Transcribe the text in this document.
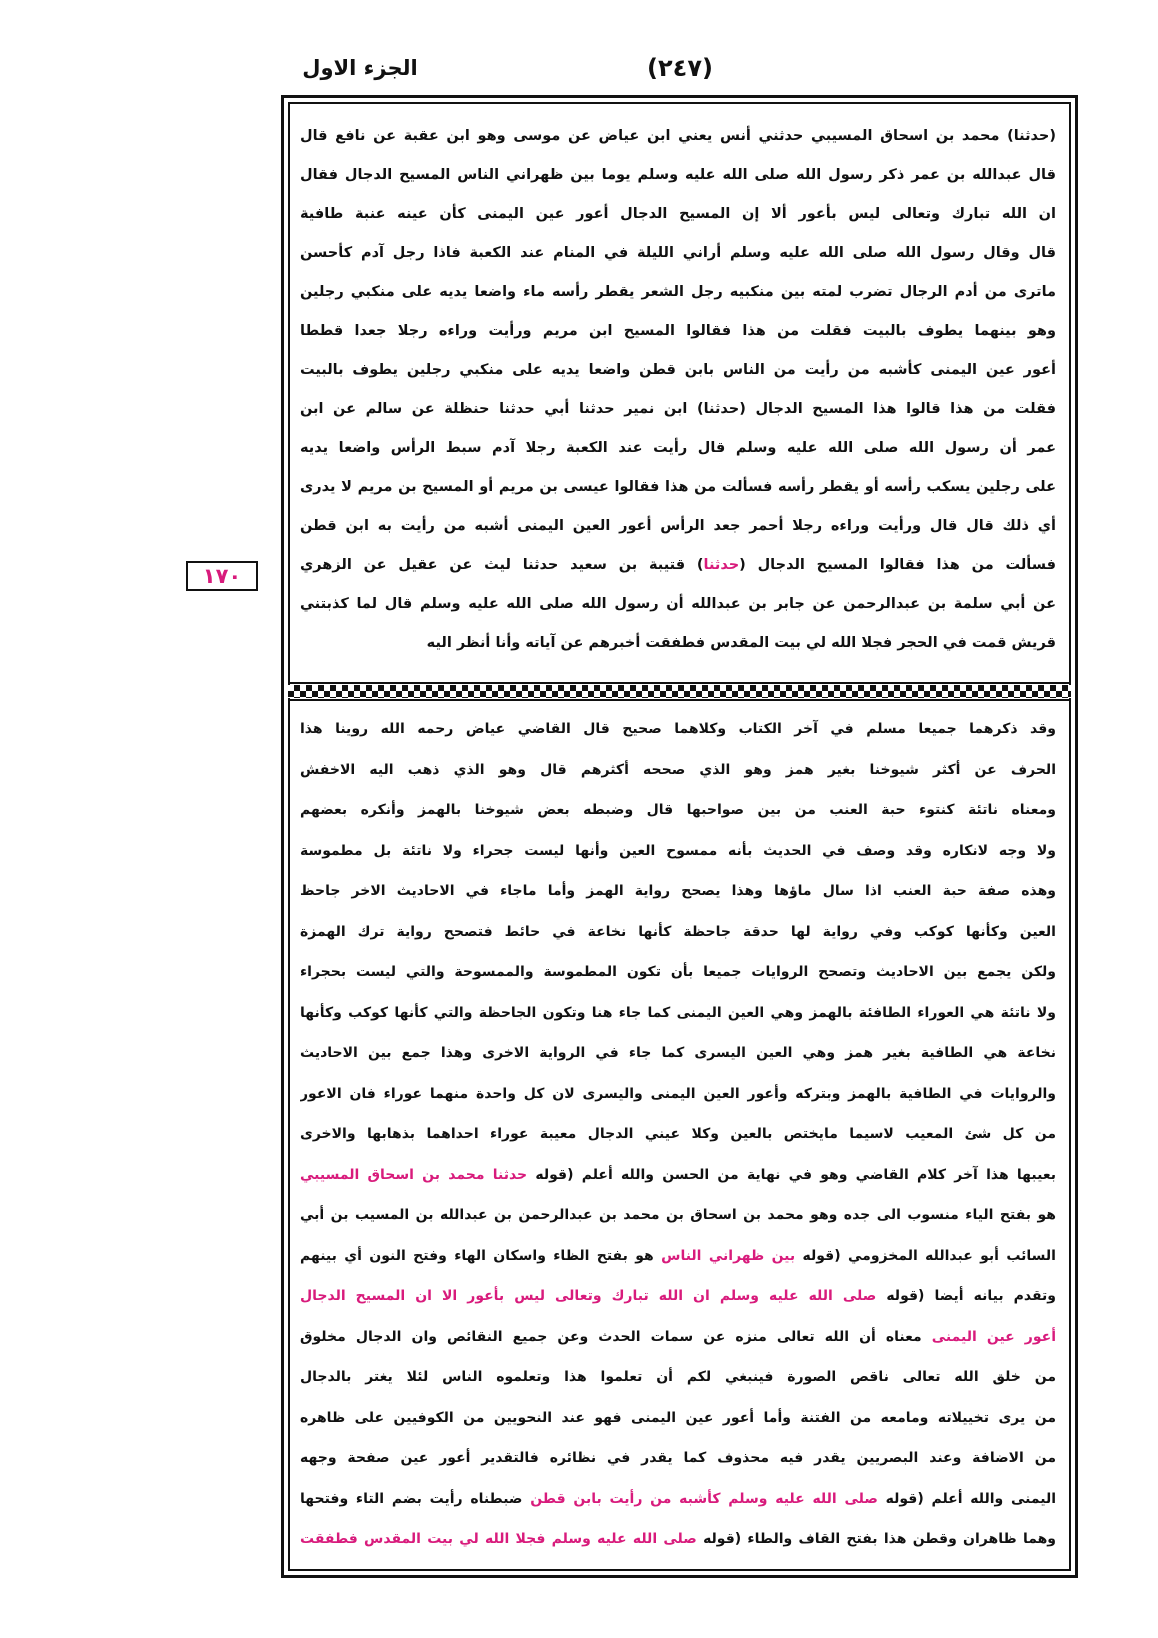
الجزء الاول	(٢٤٧)
١٧٠
(حدثنا) محمد بن اسحاق المسيبي حدثني أنس يعني ابن عياض عن موسى وهو ابن عقبة عن نافع قال
قال عبدالله بن عمر ذكر رسول الله صلى الله عليه وسلم يوما بين ظهراني الناس المسيح الدجال فقال
ان الله تبارك وتعالى ليس بأعور ألا إن المسيح الدجال أعور عين اليمنى كأن عينه عنبة طافية
قال وقال رسول الله صلى الله عليه وسلم أراني الليلة في المنام عند الكعبة فاذا رجل آدم كأحسن
ماترى من أدم الرجال تضرب لمته بين منكبيه رجل الشعر يقطر رأسه ماء واضعا يديه على منكبي رجلين
وهو بينهما يطوف بالبيت فقلت من هذا فقالوا المسيح ابن مريم ورأيت وراءه رجلا جعدا قططا
أعور عين اليمنى كأشبه من رأيت من الناس بابن قطن واضعا يديه على منكبي رجلين يطوف بالبيت
فقلت من هذا قالوا هذا المسيح الدجال (حدثنا) ابن نمير حدثنا أبي حدثنا حنظلة عن سالم عن ابن
عمر أن رسول الله صلى الله عليه وسلم قال رأيت عند الكعبة رجلا آدم سبط الرأس واضعا يديه
على رجلين يسكب رأسه أو يقطر رأسه فسألت من هذا فقالوا عيسى بن مريم أو المسيح بن مريم لا يدرى
أي ذلك قال قال ورأيت وراءه رجلا أحمر جعد الرأس أعور العين اليمنى أشبه من رأيت به ابن قطن
فسألت من هذا فقالوا المسيح الدجال (حدثنا) قتيبة بن سعيد حدثنا ليث عن عقيل عن الزهري
عن أبي سلمة بن عبدالرحمن عن جابر بن عبدالله أن رسول الله صلى الله عليه وسلم قال لما كذبتني
قريش قمت في الحجر فجلا الله لي بيت المقدس فطفقت أخبرهم عن آياته وأنا أنظر اليه
وقد ذكرهما جميعا مسلم في آخر الكتاب وكلاهما صحيح قال القاضي عياض رحمه الله روينا هذا
الحرف عن أكثر شيوخنا بغير همز وهو الذي صححه أكثرهم قال وهو الذي ذهب اليه الاخفش
ومعناه ناتئة كنتوء حبة العنب من بين صواحبها قال وضبطه بعض شيوخنا بالهمز وأنكره بعضهم
ولا وجه لانكاره وقد وصف في الحديث بأنه ممسوح العين وأنها ليست جحراء ولا ناتئة بل مطموسة
وهذه صفة حبة العنب اذا سال ماؤها وهذا يصحح رواية الهمز وأما ماجاء في الاحاديث الاخر جاحظ
العين وكأنها كوكب وفي رواية لها حدقة جاحظة كأنها نخاعة في حائط فتصحح رواية ترك الهمزة
ولكن يجمع بين الاحاديث وتصحح الروايات جميعا بأن تكون المطموسة والممسوحة والتي ليست بحجراء
ولا ناتئة هي العوراء الطافئة بالهمز وهي العين اليمنى كما جاء هنا وتكون الجاحظة والتي كأنها كوكب وكأنها
نخاعة هي الطافية بغير همز وهي العين اليسرى كما جاء في الرواية الاخرى وهذا جمع بين الاحاديث
والروايات في الطافية بالهمز وبتركه وأعور العين اليمنى واليسرى لان كل واحدة منهما عوراء فان الاعور
من كل شئ المعيب لاسيما مايختص بالعين وكلا عيني الدجال معيبة عوراء احداهما بذهابها والاخرى
بعيبها هذا آخر كلام القاضي وهو في نهاية من الحسن والله أعلم (قوله حدثنا محمد بن اسحاق المسيبي
هو بفتح الياء منسوب الى جده وهو محمد بن اسحاق بن محمد بن عبدالرحمن بن عبدالله بن المسيب بن أبي
السائب أبو عبدالله المخزومي (قوله بين ظهراني الناس هو بفتح الظاء واسكان الهاء وفتح النون أي بينهم
وتقدم بيانه أيضا (قوله صلى الله عليه وسلم ان الله تبارك وتعالى ليس بأعور الا ان المسيح الدجال
أعور عين اليمنى معناه أن الله تعالى منزه عن سمات الحدث وعن جميع النقائص وان الدجال مخلوق
من خلق الله تعالى ناقص الصورة فينبغي لكم أن تعلموا هذا وتعلموه الناس لئلا يغتر بالدجال
من يرى تخييلاته ومامعه من الفتنة وأما أعور عين اليمنى فهو عند النحويين من الكوفيين على ظاهره
من الاضافة وعند البصريين يقدر فيه محذوف كما يقدر في نظائره فالتقدير أعور عين صفحة وجهه
اليمنى والله أعلم (قوله صلى الله عليه وسلم كأشبه من رأيت بابن قطن ضبطناه رأيت بضم التاء وفتحها
وهما ظاهران وقطن هذا بفتح القاف والطاء (قوله صلى الله عليه وسلم فجلا الله لي بيت المقدس فطفقت
